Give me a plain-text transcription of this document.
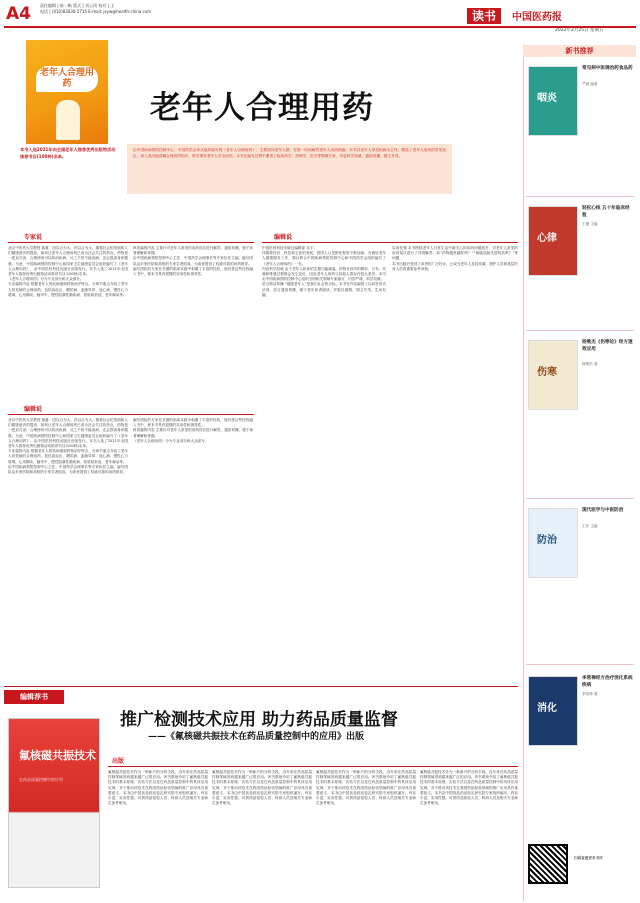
A4 责任编辑 | 陈一帆 版式 | 刘云岗 校对 | 王
电话 | (010)83030-5715 E-mail: jsyw@health-china.com	读书	中国医药报
2022年2月25日 星期五
老年人合理用药
本书入选2021年向全国老年人推荐优秀出版物活动推荐书目(100种)名单。
老年人合理用药
由中国疾病预防控制中心、中国药学会牵头组织编写的《老年人合理用药》，主要面向老年人群，在第一时间解答老年人用药困惑。本书以老年人常见疾病为主线，精选了老年人用药的常见误区，深入浅出地讲解合理用药知识，科学指导老年人安全用药。本书在编写过程中邀请了临床药学、药理学、医学等领域专家，内容科学权威，通俗易懂，图文并茂。
专家说

北京中医药大学教授 陈蔓：因以合为大，药以合为大。随着社会的发展和人们健康意识的提高，如何让老年人合理用药已成为社会关注的热点。药物是一把双刃剑，合理使用可以防治疾病，反之不但不能治病，还会损害身体健康。为此，中国疾病预防控制中心和国家卫生健康委员会组织编写了《老年人合理用药》，由中国医药科技出版社出版发行。本书入选了2021年全国老年人推荐优秀出版物活动推荐书目(100种)名单。

《老年人合理用药》分为专业部分和大众部分。

专业篇的内容 根据老年人的疾病谱和药物治疗特点，分章节重点介绍了老年人常见病的合理用药，包括高血压、糖尿病、血脂异常、冠心病、慢性心力衰竭、心房颤动、脑卒中、慢性阻塞性肺疾病、骨质疏松症、老年痴呆等。

科普篇的内容 主要针对老年人常见的用药误区进行解答，通俗易懂，便于读者理解和掌握。

由中国疾病预防控制中心主任、中国药学会理事长等专家担任主编，编写团队由多家医院和高校的专家学者组成，为读者提供了权威可靠的用药指导。

编写团队的专家在长期的临床实践中积累了丰富的经验，他们将这些经验融入书中，使本书具有很强的实用性和指导性。

编辑说

北京中医药大学教授 陈蔓：因以合为大，药以合为大。随着社会的发展和人们健康意识的提高，如何让老年人合理用药已成为社会关注的热点。药物是一把双刃剑，合理使用可以防治疾病，反之不但不能治病，还会损害身体健康。为此，中国疾病预防控制中心和国家卫生健康委员会组织编写了《老年人合理用药》，由中国医药科技出版社出版发行。本书入选了2021年全国老年人推荐优秀出版物活动推荐书目(100种)名单。

专业篇的内容 根据老年人的疾病谱和药物治疗特点，分章节重点介绍了老年人常见病的合理用药，包括高血压、糖尿病、血脂异常、冠心病、慢性心力衰竭、心房颤动、脑卒中、慢性阻塞性肺疾病、骨质疏松症、老年痴呆等。

由中国疾病预防控制中心主任、中国药学会理事长等专家担任主编，编写团队由多家医院和高校的专家学者组成，为读者提供了权威可靠的用药指导。

编写团队的专家在长期的临床实践中积累了丰富的经验，他们将这些经验融入书中，使本书具有很强的实用性和指导性。

科普篇的内容 主要针对老年人常见的用药误区进行解答，通俗易懂，便于读者理解和掌握。

《老年人合理用药》分为专业部分和大众部分。

编辑说

中国医药科技出版社编辑部 吴宇：

伴随着经济、科技和文化的发展，我国人口老龄化程度不断加深。为做好老年人健康服务工作，我社联合中国疾病预防控制中心和中国药学会组织编写了《老年人合理用药》一书。

内容科学权威 由于老年人机体的生理功能减退，药物在体内的吸收、分布、代谢和排泄过程都会发生变化，因此老年人用药与其他人群存在较大差异。本书由中国疾病预防控制中心组织全国相关领域专家编写，内容严谨，科学权威。

语言简洁易懂 “健康老年人”是我们社会的目标。本书在内容编排上以问答形式呈现，语言通俗易懂，便于老年读者阅读，并配以插图，图文并茂，生动有趣。

实用性强 本书围绕老年人日常生活中最关心的用药问题展开，对老年人常见的用药误区进行了详细解答，如“药物越贵越好吗？”“保健品能代替药品吗？”等问题。

本书出版后受到了读者的广泛好评，已成为老年人及其家属、照护人员和基层医务人员的重要参考读物。

新书推荐
咽炎
常见病中医调治药食品药
严斌 编著
心律
轻松心线 五十年临床经验
王健 主编
伤寒
杨维杰《伤寒论》经方速效应用
杨维杰 著
防治
现代医学与中医防治
王东 主编
消化
李常禅经方治疗消化系统疾病
李常禅 著
扫码查看更多书评
编辑荐书
推广检测技术应用 助力药品质量监督
——《氟核磁共振技术在药品质量控制中的应用》出版
氟核磁共振技术
在药品质量控制中的应用
出版
氟核磁共振技术作为一种新兴的分析手段，近年来在药品质量控制领域得到越来越广泛的应用。该书系统介绍了氟核磁共振技术的基本原理、实验方法以及在药品质量控制中的具体应用实例，对于推动该技术在我国药品检验领域的推广应用具有重要意义。本书由中国食品药品检定研究院专家组织编写，内容丰富，实用性强，可供药品检验人员、科研人员及相关专业师生参考使用。
氟核磁共振技术作为一种新兴的分析手段，近年来在药品质量控制领域得到越来越广泛的应用。该书系统介绍了氟核磁共振技术的基本原理、实验方法以及在药品质量控制中的具体应用实例，对于推动该技术在我国药品检验领域的推广应用具有重要意义。本书由中国食品药品检定研究院专家组织编写，内容丰富，实用性强，可供药品检验人员、科研人员及相关专业师生参考使用。
氟核磁共振技术作为一种新兴的分析手段，近年来在药品质量控制领域得到越来越广泛的应用。该书系统介绍了氟核磁共振技术的基本原理、实验方法以及在药品质量控制中的具体应用实例，对于推动该技术在我国药品检验领域的推广应用具有重要意义。本书由中国食品药品检定研究院专家组织编写，内容丰富，实用性强，可供药品检验人员、科研人员及相关专业师生参考使用。
氟核磁共振技术作为一种新兴的分析手段，近年来在药品质量控制领域得到越来越广泛的应用。该书系统介绍了氟核磁共振技术的基本原理、实验方法以及在药品质量控制中的具体应用实例，对于推动该技术在我国药品检验领域的推广应用具有重要意义。本书由中国食品药品检定研究院专家组织编写，内容丰富，实用性强，可供药品检验人员、科研人员及相关专业师生参考使用。
